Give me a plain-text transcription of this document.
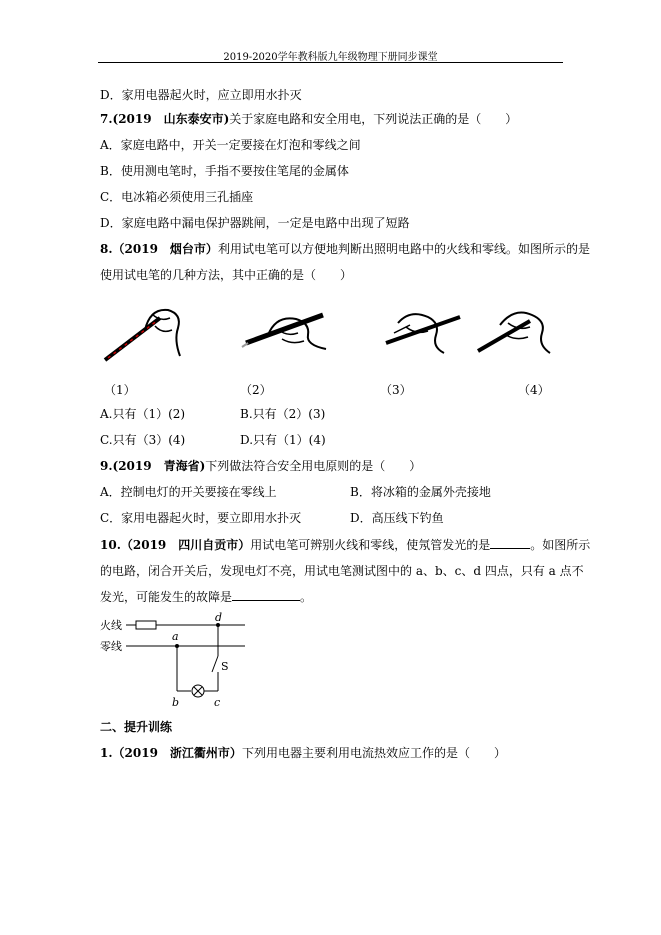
2019-2020学年教科版九年级物理下册同步课堂
D．家用电器起火时，应立即用水扑灭
7.(2019　山东泰安市)关于家庭电路和安全用电，下列说法正确的是（　　）
A．家庭电路中，开关一定要接在灯泡和零线之间
B．使用测电笔时，手指不要按住笔尾的金属体
C．电冰箱必须使用三孔插座
D．家庭电路中漏电保护器跳闸，一定是电路中出现了短路
8.（2019　烟台市）利用试电笔可以方便地判断出照明电路中的火线和零线。如图所示的是
使用试电笔的几种方法，其中正确的是（　　）
（1）	（2）	（3）	（4）
A.只有（1）(2)	B.只有（2）(3)
C.只有（3）(4)	D.只有（1）(4)
9.(2019　青海省)下列做法符合安全用电原则的是（　　）
A．控制电灯的开关要接在零线上	B．将冰箱的金属外壳接地
C．家用电器起火时，要立即用水扑灭	D．高压线下钓鱼
10.（2019　四川自贡市）用试电笔可辨别火线和零线，使氖管发光的是	。如图所示
的电路，闭合开关后，发现电灯不亮，用试电笔测试图中的 a、b、c、d 四点，只有 a 点不
发光，可能发生的故障是	。
火线
零线
a
d
S
b	c
二、提升训练
1.（2019　浙江衢州市）下列用电器主要利用电流热效应工作的是（　　）
